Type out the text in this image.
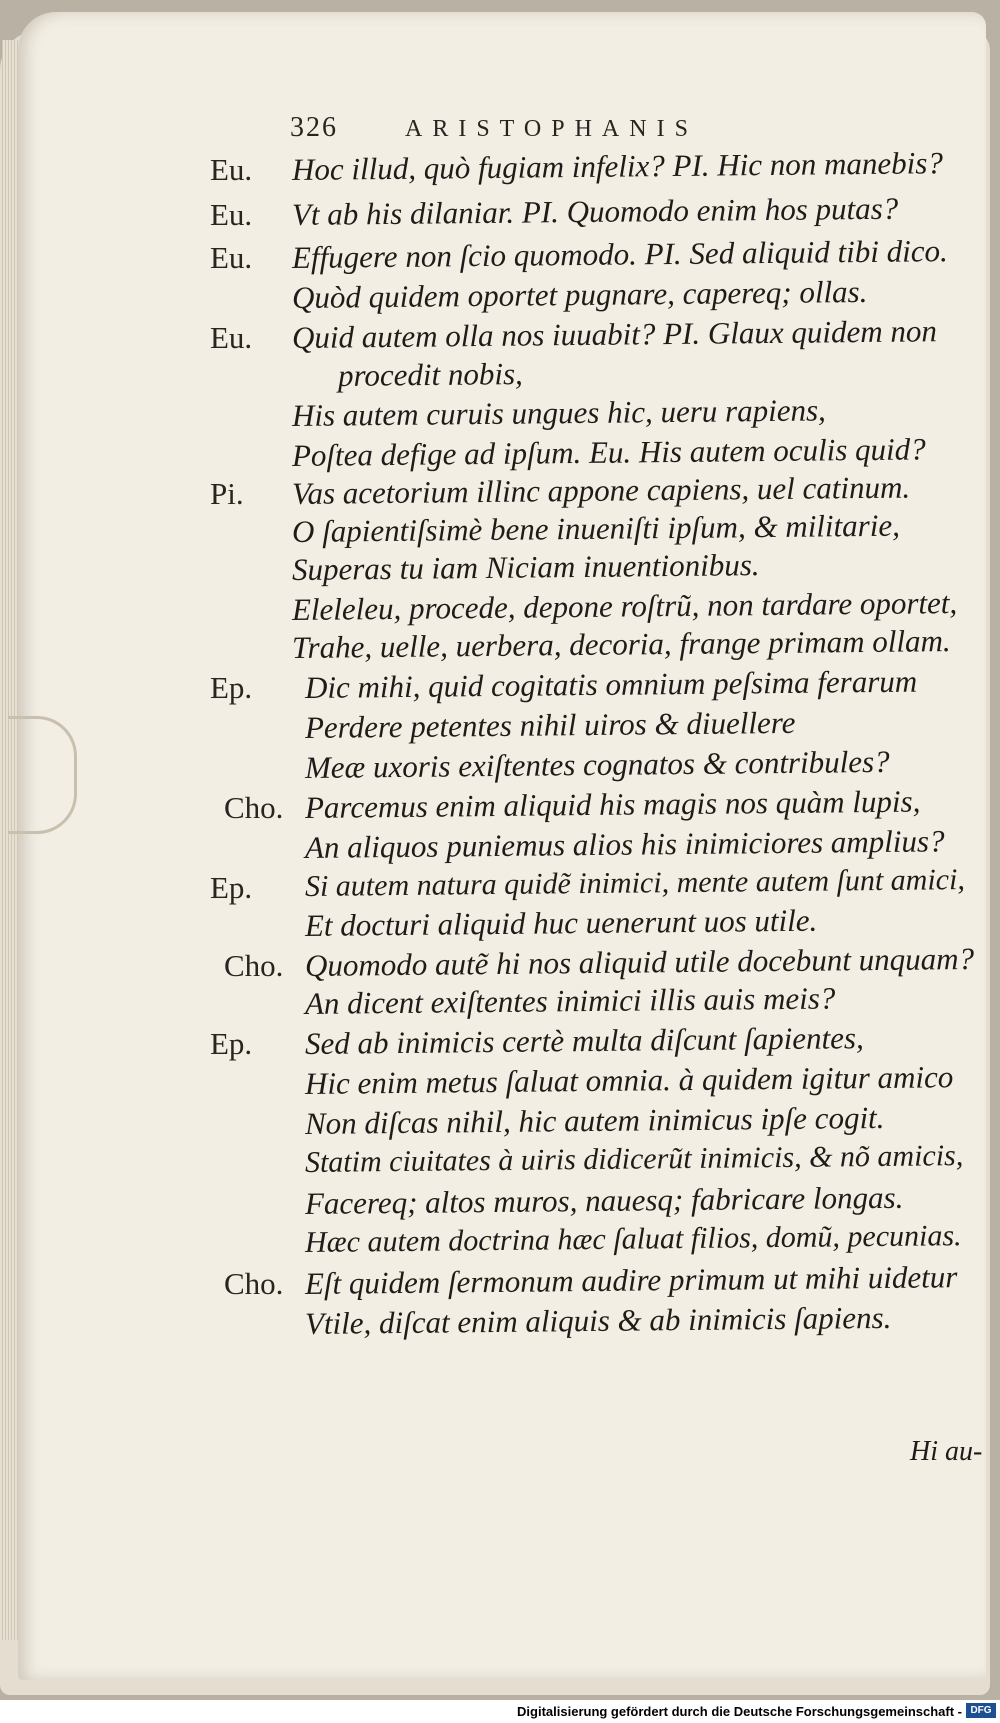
326	ARISTOPHANIS
Eu. Hoc illud, quò fugiam infelix? PI. Hic non manebis?
Eu. Vt ab his dilaniar. PI. Quomodo enim hos putas?
Eu. Effugere non ſcio quomodo. PI. Sed aliquid tibi dico.
Quòd quidem oportet pugnare, capereq; ollas.
Eu. Quid autem olla nos iuuabit? PI. Glaux quidem non
procedit nobis,
His autem curuis ungues hic, ueru rapiens,
Poſtea defige ad ipſum. Eu. His autem oculis quid?
Pi. Vas acetorium illinc appone capiens, uel catinum.
O ſapientiſsimè bene inueniſti ipſum, & militarie,
Superas tu iam Niciam inuentionibus.
Eleleleu, procede, depone roſtrũ, non tardare oportet,
Trahe, uelle, uerbera, decoria, frange primam ollam.
Ep. Dic mihi, quid cogitatis omnium peſsima ferarum
Perdere petentes nihil uiros & diuellere
Meæ uxoris exiſtentes cognatos & contribules?
Cho. Parcemus enim aliquid his magis nos quàm lupis,
An aliquos puniemus alios his inimiciores amplius?
Ep. Si autem natura quidẽ inimici, mente autem ſunt amici,
Et docturi aliquid huc uenerunt uos utile.
Cho. Quomodo autẽ hi nos aliquid utile docebunt unquam?
An dicent exiſtentes inimici illis auis meis?
Ep. Sed ab inimicis certè multa diſcunt ſapientes,
Hic enim metus ſaluat omnia. à quidem igitur amico
Non diſcas nihil, hic autem inimicus ipſe cogit.
Statim ciuitates à uiris didicerũt inimicis, & nõ amicis,
Facereq; altos muros, nauesq; fabricare longas.
Hæc autem doctrina hæc ſaluat filios, domũ, pecunias.
Cho. Eſt quidem ſermonum audire primum ut mihi uidetur
Vtile, diſcat enim aliquis & ab inimicis ſapiens.
Hi au-
Digitalisierung gefördert durch die Deutsche Forschungsgemeinschaft - DFG
